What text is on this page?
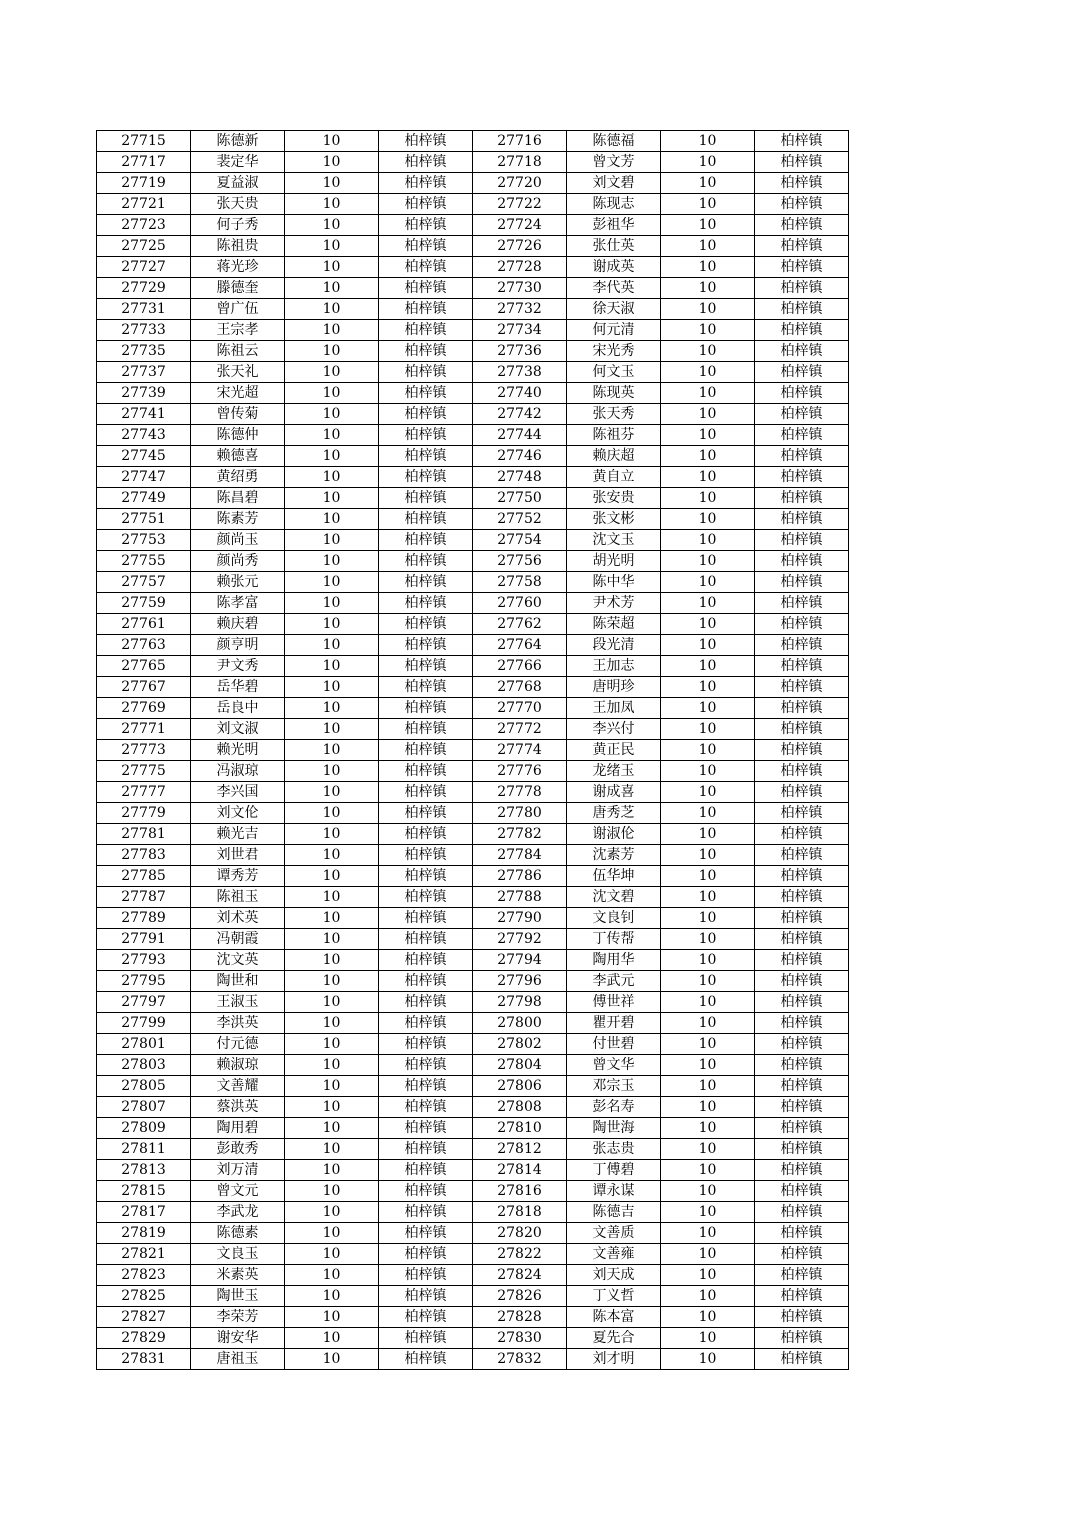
27715	陈德新	10	柏梓镇	27716	陈德福	10	柏梓镇
27717	裴定华	10	柏梓镇	27718	曾文芳	10	柏梓镇
27719	夏益淑	10	柏梓镇	27720	刘文碧	10	柏梓镇
27721	张天贵	10	柏梓镇	27722	陈现志	10	柏梓镇
27723	何子秀	10	柏梓镇	27724	彭祖华	10	柏梓镇
27725	陈祖贵	10	柏梓镇	27726	张仕英	10	柏梓镇
27727	蒋光珍	10	柏梓镇	27728	谢成英	10	柏梓镇
27729	滕德奎	10	柏梓镇	27730	李代英	10	柏梓镇
27731	曾广伍	10	柏梓镇	27732	徐天淑	10	柏梓镇
27733	王宗孝	10	柏梓镇	27734	何元清	10	柏梓镇
27735	陈祖云	10	柏梓镇	27736	宋光秀	10	柏梓镇
27737	张天礼	10	柏梓镇	27738	何文玉	10	柏梓镇
27739	宋光超	10	柏梓镇	27740	陈现英	10	柏梓镇
27741	曾传菊	10	柏梓镇	27742	张天秀	10	柏梓镇
27743	陈德仲	10	柏梓镇	27744	陈祖芬	10	柏梓镇
27745	赖德喜	10	柏梓镇	27746	赖庆超	10	柏梓镇
27747	黄绍勇	10	柏梓镇	27748	黄自立	10	柏梓镇
27749	陈昌碧	10	柏梓镇	27750	张安贵	10	柏梓镇
27751	陈素芳	10	柏梓镇	27752	张文彬	10	柏梓镇
27753	颜尚玉	10	柏梓镇	27754	沈文玉	10	柏梓镇
27755	颜尚秀	10	柏梓镇	27756	胡光明	10	柏梓镇
27757	赖张元	10	柏梓镇	27758	陈中华	10	柏梓镇
27759	陈孝富	10	柏梓镇	27760	尹术芳	10	柏梓镇
27761	赖庆碧	10	柏梓镇	27762	陈荣超	10	柏梓镇
27763	颜亨明	10	柏梓镇	27764	段光清	10	柏梓镇
27765	尹文秀	10	柏梓镇	27766	王加志	10	柏梓镇
27767	岳华碧	10	柏梓镇	27768	唐明珍	10	柏梓镇
27769	岳良中	10	柏梓镇	27770	王加凤	10	柏梓镇
27771	刘文淑	10	柏梓镇	27772	李兴付	10	柏梓镇
27773	赖光明	10	柏梓镇	27774	黄正民	10	柏梓镇
27775	冯淑琼	10	柏梓镇	27776	龙绪玉	10	柏梓镇
27777	李兴国	10	柏梓镇	27778	谢成喜	10	柏梓镇
27779	刘文伦	10	柏梓镇	27780	唐秀芝	10	柏梓镇
27781	赖光吉	10	柏梓镇	27782	谢淑伦	10	柏梓镇
27783	刘世君	10	柏梓镇	27784	沈素芳	10	柏梓镇
27785	谭秀芳	10	柏梓镇	27786	伍华坤	10	柏梓镇
27787	陈祖玉	10	柏梓镇	27788	沈文碧	10	柏梓镇
27789	刘术英	10	柏梓镇	27790	文良钊	10	柏梓镇
27791	冯朝霞	10	柏梓镇	27792	丁传帮	10	柏梓镇
27793	沈文英	10	柏梓镇	27794	陶用华	10	柏梓镇
27795	陶世和	10	柏梓镇	27796	李武元	10	柏梓镇
27797	王淑玉	10	柏梓镇	27798	傅世祥	10	柏梓镇
27799	李洪英	10	柏梓镇	27800	瞿开碧	10	柏梓镇
27801	付元德	10	柏梓镇	27802	付世碧	10	柏梓镇
27803	赖淑琼	10	柏梓镇	27804	曾文华	10	柏梓镇
27805	文善耀	10	柏梓镇	27806	邓宗玉	10	柏梓镇
27807	蔡洪英	10	柏梓镇	27808	彭名寿	10	柏梓镇
27809	陶用碧	10	柏梓镇	27810	陶世海	10	柏梓镇
27811	彭敢秀	10	柏梓镇	27812	张志贵	10	柏梓镇
27813	刘万清	10	柏梓镇	27814	丁傅碧	10	柏梓镇
27815	曾文元	10	柏梓镇	27816	谭永谋	10	柏梓镇
27817	李武龙	10	柏梓镇	27818	陈德吉	10	柏梓镇
27819	陈德素	10	柏梓镇	27820	文善质	10	柏梓镇
27821	文良玉	10	柏梓镇	27822	文善雍	10	柏梓镇
27823	米素英	10	柏梓镇	27824	刘天成	10	柏梓镇
27825	陶世玉	10	柏梓镇	27826	丁义哲	10	柏梓镇
27827	李荣芳	10	柏梓镇	27828	陈本富	10	柏梓镇
27829	谢安华	10	柏梓镇	27830	夏先合	10	柏梓镇
27831	唐祖玉	10	柏梓镇	27832	刘才明	10	柏梓镇
